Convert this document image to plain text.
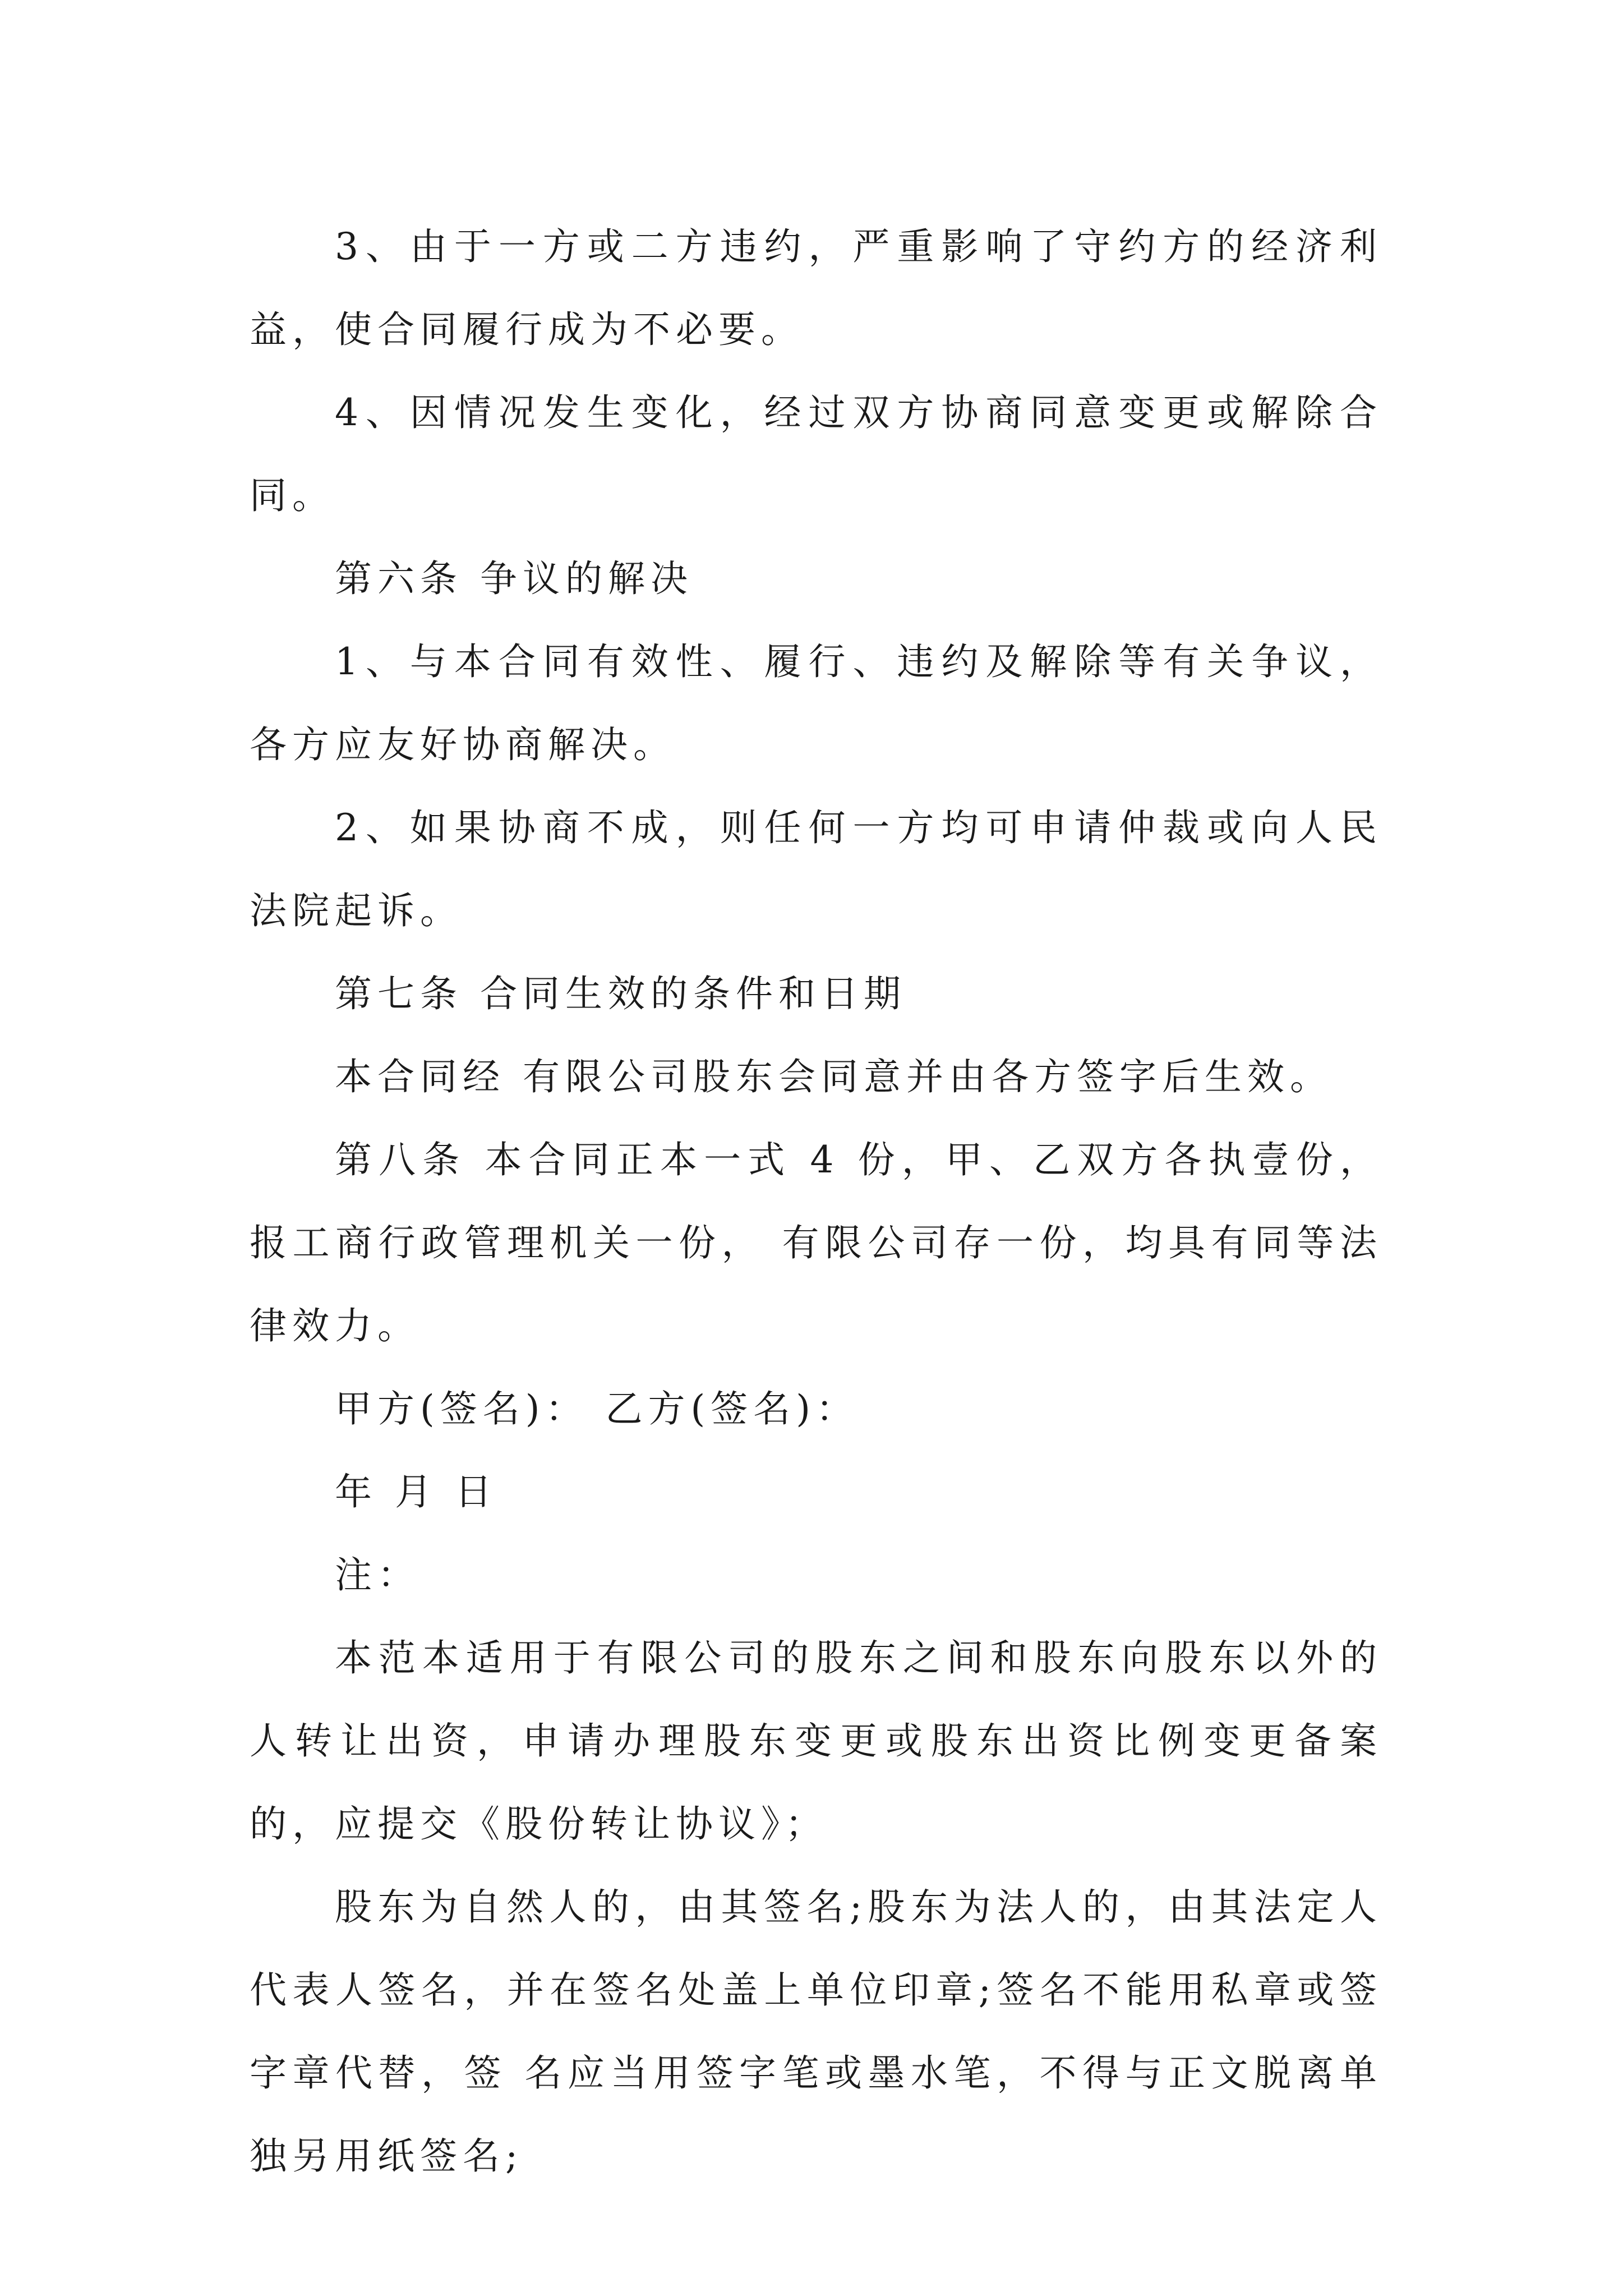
3、由于一方或二方违约，严重影响了守约方的经济利益，使合同履行成为不必要。

4、因情况发生变化，经过双方协商同意变更或解除合同。

第六条 争议的解决

1、与本合同有效性、履行、违约及解除等有关争议，各方应友好协商解决。

2、如果协商不成，则任何一方均可申请仲裁或向人民法院起诉。

第七条 合同生效的条件和日期

本合同经 有限公司股东会同意并由各方签字后生效。

第八条 本合同正本一式 4 份，甲、乙双方各执壹份，报工商行政管理机关一份， 有限公司存一份，均具有同等法律效力。

甲方(签名)： 乙方(签名)：

年 月 日

注：

本范本适用于有限公司的股东之间和股东向股东以外的人转让出资，申请办理股东变更或股东出资比例变更备案的，应提交《股份转让协议》；

股东为自然人的，由其签名;股东为法人的，由其法定人代表人签名，并在签名处盖上单位印章;签名不能用私章或签字章代替，签 名应当用签字笔或墨水笔，不得与正文脱离单独另用纸签名;
